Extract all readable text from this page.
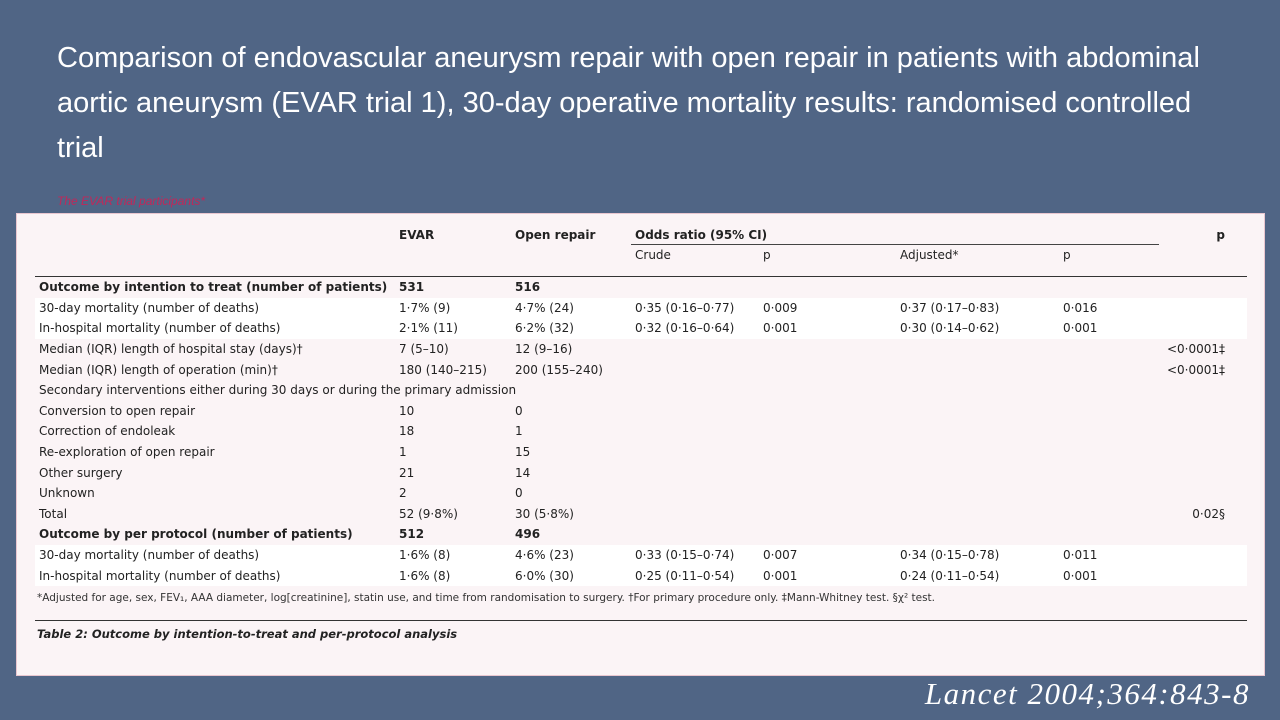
Comparison of endovascular aneurysm repair with open repair in patients with abdominal aortic aneurysm (EVAR trial 1), 30-day operative mortality results: randomised controlled trial
The EVAR trial participants*
	EVAR	Open repair	Odds ratio (95% CI)				p
			Crude	p	Adjusted*	p	
Outcome by intention to treat (number of patients)	531	516					
30-day mortality (number of deaths)	1·7% (9)	4·7% (24)	0·35 (0·16–0·77)	0·009	0·37 (0·17–0·83)	0·016	
In-hospital mortality (number of deaths)	2·1% (11)	6·2% (32)	0·32 (0·16–0·64)	0·001	0·30 (0·14–0·62)	0·001	
Median (IQR) length of hospital stay (days)†	7 (5–10)	12 (9–16)					<0·0001‡
Median (IQR) length of operation (min)†	180 (140–215)	200 (155–240)					<0·0001‡
Secondary interventions either during 30 days or during the primary admission							
Conversion to open repair	10	0					
Correction of endoleak	18	1					
Re-exploration of open repair	1	15					
Other surgery	21	14					
Unknown	2	0					
Total	52 (9·8%)	30 (5·8%)					0·02§
Outcome by per protocol (number of patients)	512	496					
30-day mortality (number of deaths)	1·6% (8)	4·6% (23)	0·33 (0·15–0·74)	0·007	0·34 (0·15–0·78)	0·011	
In-hospital mortality (number of deaths)	1·6% (8)	6·0% (30)	0·25 (0·11–0·54)	0·001	0·24 (0·11–0·54)	0·001	
*Adjusted for age, sex, FEV₁, AAA diameter, log[creatinine], statin use, and time from randomisation to surgery. †For primary procedure only. ‡Mann-Whitney test. §χ² test.
Table 2: Outcome by intention-to-treat and per-protocol analysis
Lancet 2004;364:843-8
